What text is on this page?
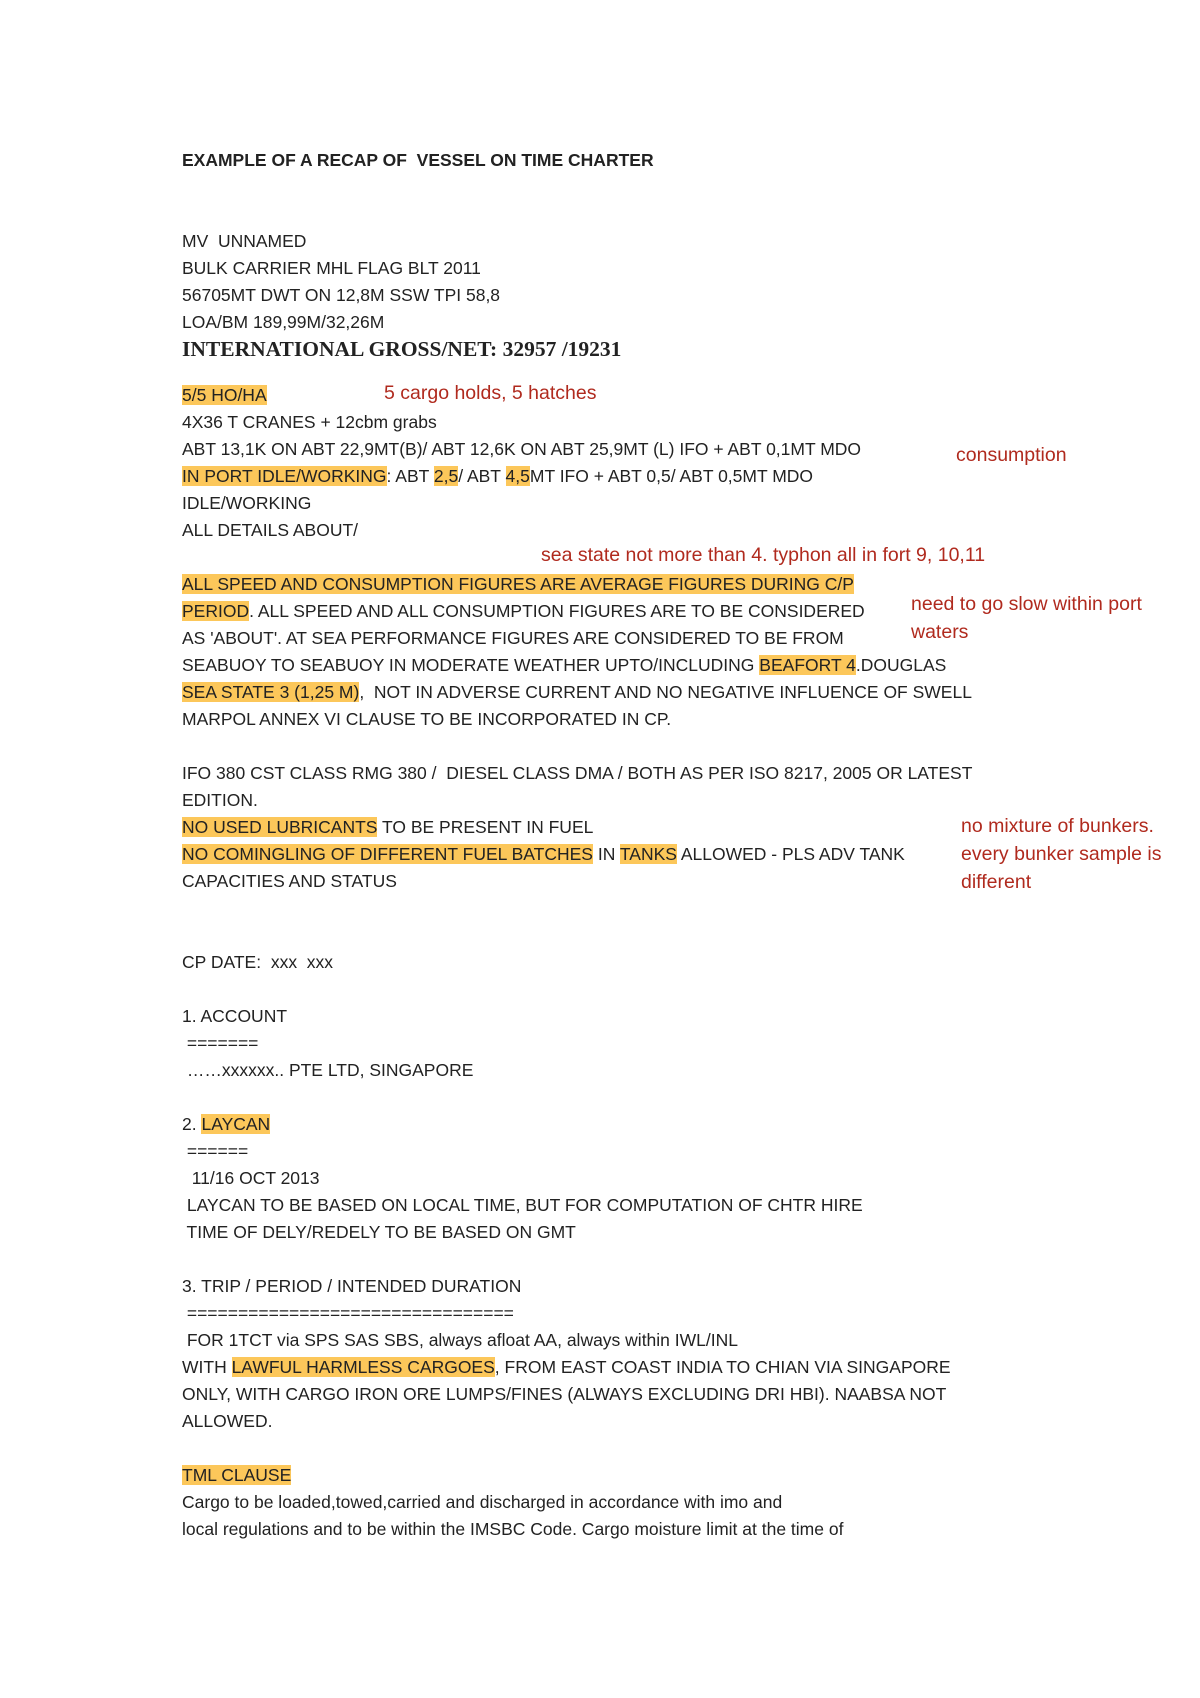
EXAMPLE OF A RECAP OF  VESSEL ON TIME CHARTER
MV  UNNAMED
BULK CARRIER MHL FLAG BLT 2011
56705MT DWT ON 12,8M SSW TPI 58,8
LOA/BM 189,99M/32,26M
INTERNATIONAL GROSS/NET: 32957 /19231
5/5 HO/HA
4X36 T CRANES + 12cbm grabs
ABT 13,1K ON ABT 22,9MT(B)/ ABT 12,6K ON ABT 25,9MT (L) IFO + ABT 0,1MT MDO
IN PORT IDLE/WORKING: ABT 2,5/ ABT 4,5MT IFO + ABT 0,5/ ABT 0,5MT MDO
IDLE/WORKING
ALL DETAILS ABOUT/
ALL SPEED AND CONSUMPTION FIGURES ARE AVERAGE FIGURES DURING C/P
PERIOD. ALL SPEED AND ALL CONSUMPTION FIGURES ARE TO BE CONSIDERED
AS 'ABOUT'. AT SEA PERFORMANCE FIGURES ARE CONSIDERED TO BE FROM
SEABUOY TO SEABUOY IN MODERATE WEATHER UPTO/INCLUDING BEAFORT 4.DOUGLAS
SEA STATE 3 (1,25 M),  NOT IN ADVERSE CURRENT AND NO NEGATIVE INFLUENCE OF SWELL
MARPOL ANNEX VI CLAUSE TO BE INCORPORATED IN CP.
IFO 380 CST CLASS RMG 380 /  DIESEL CLASS DMA / BOTH AS PER ISO 8217, 2005 OR LATEST
EDITION.
NO USED LUBRICANTS TO BE PRESENT IN FUEL
NO COMINGLING OF DIFFERENT FUEL BATCHES IN TANKS ALLOWED - PLS ADV TANK
CAPACITIES AND STATUS
CP DATE:  xxx  xxx
1. ACCOUNT
=======
……xxxxxx.. PTE LTD, SINGAPORE
2. LAYCAN
======
11/16 OCT 2013
LAYCAN TO BE BASED ON LOCAL TIME, BUT FOR COMPUTATION OF CHTR HIRE
TIME OF DELY/REDELY TO BE BASED ON GMT
3. TRIP / PERIOD / INTENDED DURATION
================================
FOR 1TCT via SPS SAS SBS, always afloat AA, always within IWL/INL
WITH LAWFUL HARMLESS CARGOES, FROM EAST COAST INDIA TO CHIAN VIA SINGAPORE
ONLY, WITH CARGO IRON ORE LUMPS/FINES (ALWAYS EXCLUDING DRI HBI). NAABSA NOT
ALLOWED.
TML CLAUSE
Cargo to be loaded,towed,carried and discharged in accordance with imo and
local regulations and to be within the IMSBC Code. Cargo moisture limit at the time of
5 cargo holds, 5 hatches
consumption
sea state not more than 4. typhon all in fort 9, 10,11
need to go slow within port
waters
no mixture of bunkers.
every bunker sample is
different
